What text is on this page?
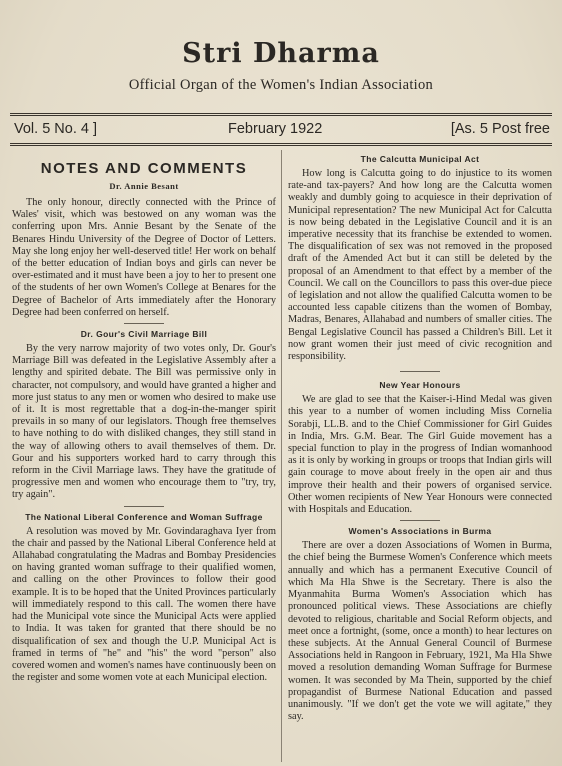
Stri Dharma
Official Organ of the Women's Indian Association
Vol. 5 No. 4 ]	February 1922	[As. 5 Post free
NOTES AND COMMENTS
Dr. Annie Besant

The only honour, directly connected with the Prince of Wales' visit, which was bestowed on any woman was the conferring upon Mrs. Annie Besant by the Senate of the Benares Hindu University of the Degree of Doctor of Letters. May she long enjoy her well-deserved title! Her work on behalf of the better education of Indian boys and girls can never be over-estimated and it must have been a joy to her to present one of the students of her own Women's College at Benares for the Degree of Bachelor of Arts immediately after the Honorary Degree had been conferred on herself.

Dr. Gour's Civil Marriage Bill

By the very narrow majority of two votes only, Dr. Gour's Marriage Bill was defeated in the Legislative Assembly after a lengthy and spirited debate. The Bill was permissive only in character, not compulsory, and would have granted a higher and more just status to any men or women who desired to make use of it. It is most regrettable that a dog-in-the-manger spirit prevails in so many of our legislators. Though free themselves to have nothing to do with disliked changes, they still stand in the way of allowing others to avail themselves of them. Dr. Gour and his supporters worked hard to carry through this reform in the Civil Marriage laws. They have the gratitude of progressive men and women who encourage them to "try, try, try again".

The National Liberal Conference and Woman Suffrage

A resolution was moved by Mr. Govindaraghava Iyer from the chair and passed by the National Liberal Conference held at Allahabad congratulating the Madras and Bombay Presidencies on having granted woman suffrage to their qualified women, and calling on the other Provinces to follow their good example. It is to be hoped that the United Provinces particularly will immediately respond to this call. The women there have had the Municipal vote since the Municipal Acts were applied to India. It was taken for granted that there should be no disqualification of sex and though the U.P. Municipal Act is framed in terms of "he" and "his" the word "person" also covered women and women's names have continuously been on the register and some women vote at each Municipal election.

The Calcutta Municipal Act

How long is Calcutta going to do injustice to its women rate-and tax-payers? And how long are the Calcutta women weakly and dumbly going to acquiesce in their deprivation of Municipal representation? The new Municipal Act for Calcutta is now being debated in the Legislative Council and it is an imperative necessity that its franchise be extended to women. The disqualification of sex was not removed in the proposed draft of the Amended Act but it can still be deleted by the proposal of an Amendment to that effect by a member of the Council. We call on the Councillors to pass this over-due piece of legislation and not allow the qualified Calcutta women to be accounted less capable citizens than the women of Bombay, Madras, Benares, Allahabad and numbers of smaller cities. The Bengal Legislative Council has passed a Children's Bill. Let it now grant women their just meed of civic recognition and responsibility.

New Year Honours

We are glad to see that the Kaiser-i-Hind Medal was given this year to a number of women including Miss Cornelia Sorabji, LL.B. and to the Chief Commissioner for Girl Guides in India, Mrs. G.M. Bear. The Girl Guide movement has a special function to play in the progress of Indian womanhood as it is only by working in groups or troops that Indian girls will gain courage to move about freely in the open air and thus improve their health and their powers of organised service. Other women recipients of New Year Honours were connected with Hospitals and Education.

Women's Associations in Burma

There are over a dozen Associations of Women in Burma, the chief being the Burmese Women's Conference which meets annually and which has a permanent Executive Council of which Ma Hla Shwe is the Secretary. There is also the Myanmahita Burma Women's Association which has pronounced political views. These Associations are chiefly devoted to religious, charitable and Social Reform objects, and meet once a fortnight, (some, once a month) to hear lectures on these subjects. At the Annual General Council of Burmese Associations held in Rangoon in February, 1921, Ma Hla Shwe moved a resolution demanding Woman Suffrage for Burmese women. It was seconded by Ma Thein, supported by the chief propagandist of Burmese National Education and passed unanimously. "If we don't get the vote we will agitate," they say.
